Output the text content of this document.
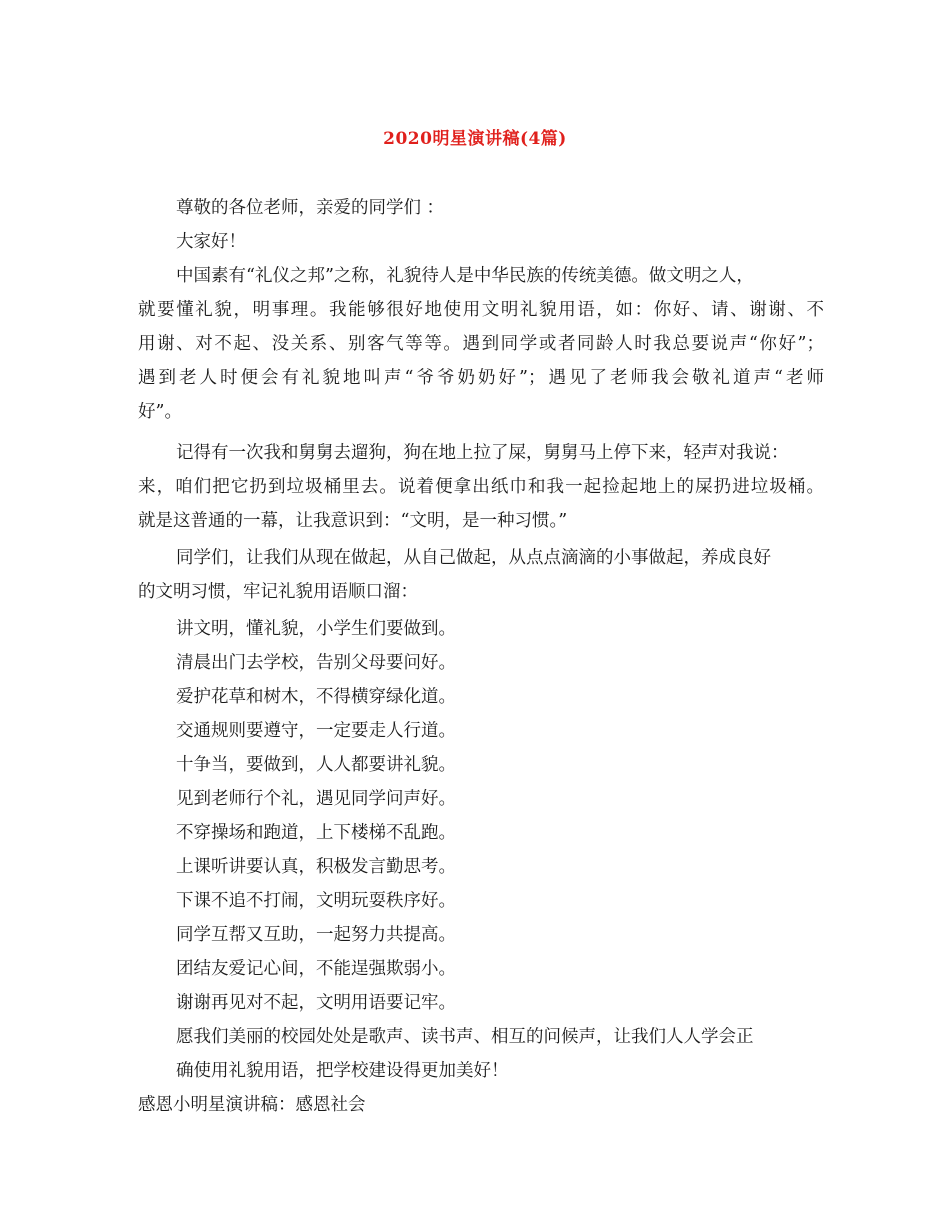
2020明星演讲稿(4篇)
尊敬的各位老师，亲爱的同学们 ：
大家好！
中国素有“礼仪之邦”之称，礼貌待人是中华民族的传统美德。做文明之人，
就要懂礼貌，明事理。我能够很好地使用文明礼貌用语，如：你好、请、谢谢、不
用谢、对不起、没关系、别客气等等。遇到同学或者同龄人时我总要说声“你好”；
遇到老人时便会有礼貌地叫声“爷爷奶奶好”；遇见了老师我会敬礼道声“老师
好”。
记得有一次我和舅舅去遛狗，狗在地上拉了屎，舅舅马上停下来，轻声对我说：
来，咱们把它扔到垃圾桶里去。说着便拿出纸巾和我一起捡起地上的屎扔进垃圾桶。
就是这普通的一幕，让我意识到：“文明，是一种习惯。”
同学们，让我们从现在做起，从自己做起，从点点滴滴的小事做起，养成良好
的文明习惯，牢记礼貌用语顺口溜：
讲文明，懂礼貌，小学生们要做到。
清晨出门去学校，告别父母要问好。
爱护花草和树木，不得横穿绿化道。
交通规则要遵守，一定要走人行道。
十争当，要做到，人人都要讲礼貌。
见到老师行个礼，遇见同学问声好。
不穿操场和跑道，上下楼梯不乱跑。
上课听讲要认真，积极发言勤思考。
下课不追不打闹，文明玩耍秩序好。
同学互帮又互助，一起努力共提高。
团结友爱记心间，不能逞强欺弱小。
谢谢再见对不起，文明用语要记牢。
愿我们美丽的校园处处是歌声、读书声、相互的问候声，让我们人人学会正
确使用礼貌用语，把学校建设得更加美好！
感恩小明星演讲稿：感恩社会
